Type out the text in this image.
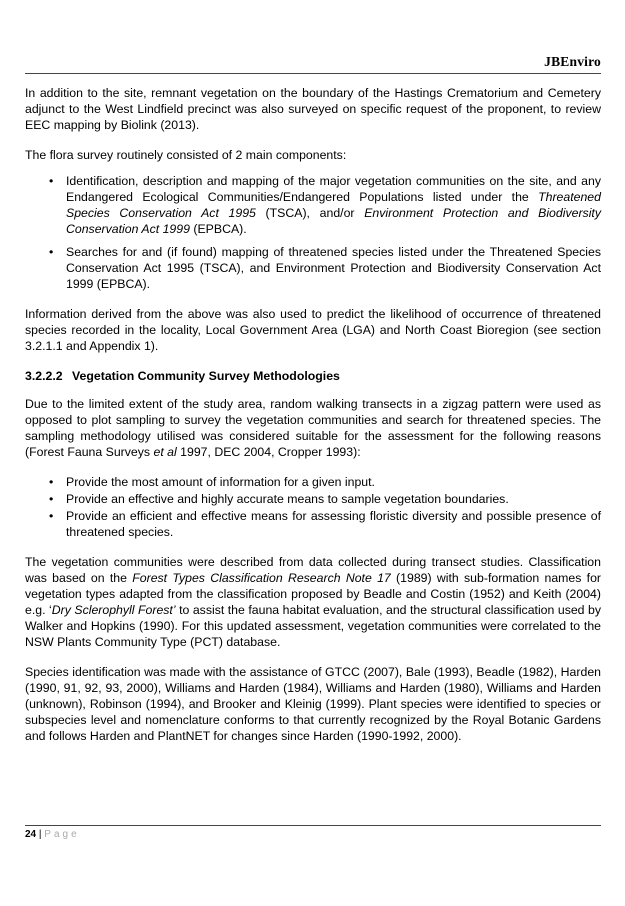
JBEnviro

In addition to the site, remnant vegetation on the boundary of the Hastings Crematorium and Cemetery adjunct to the West Lindfield precinct was also surveyed on specific request of the proponent, to review EEC mapping by Biolink (2013).

The flora survey routinely consisted of 2 main components:

• Identification, description and mapping of the major vegetation communities on the site, and any Endangered Ecological Communities/Endangered Populations listed under the Threatened Species Conservation Act 1995 (TSCA), and/or Environment Protection and Biodiversity Conservation Act 1999 (EPBCA).
• Searches for and (if found) mapping of threatened species listed under the Threatened Species Conservation Act 1995 (TSCA), and Environment Protection and Biodiversity Conservation Act 1999 (EPBCA).

Information derived from the above was also used to predict the likelihood of occurrence of threatened species recorded in the locality, Local Government Area (LGA) and North Coast Bioregion (see section 3.2.1.1 and Appendix 1).

3.2.2.2 Vegetation Community Survey Methodologies

Due to the limited extent of the study area, random walking transects in a zigzag pattern were used as opposed to plot sampling to survey the vegetation communities and search for threatened species. The sampling methodology utilised was considered suitable for the assessment for the following reasons (Forest Fauna Surveys et al 1997, DEC 2004, Cropper 1993):

• Provide the most amount of information for a given input.
• Provide an effective and highly accurate means to sample vegetation boundaries.
• Provide an efficient and effective means for assessing floristic diversity and possible presence of threatened species.

The vegetation communities were described from data collected during transect studies. Classification was based on the Forest Types Classification Research Note 17 (1989) with sub-formation names for vegetation types adapted from the classification proposed by Beadle and Costin (1952) and Keith (2004) e.g. ‘Dry Sclerophyll Forest’ to assist the fauna habitat evaluation, and the structural classification used by Walker and Hopkins (1990). For this updated assessment, vegetation communities were correlated to the NSW Plants Community Type (PCT) database.

Species identification was made with the assistance of GTCC (2007), Bale (1993), Beadle (1982), Harden (1990, 91, 92, 93, 2000), Williams and Harden (1984), Williams and Harden (1980), Williams and Harden (unknown), Robinson (1994), and Brooker and Kleinig (1999). Plant species were identified to species or subspecies level and nomenclature conforms to that currently recognized by the Royal Botanic Gardens and follows Harden and PlantNET for changes since Harden (1990-1992, 2000).

24 | Page
